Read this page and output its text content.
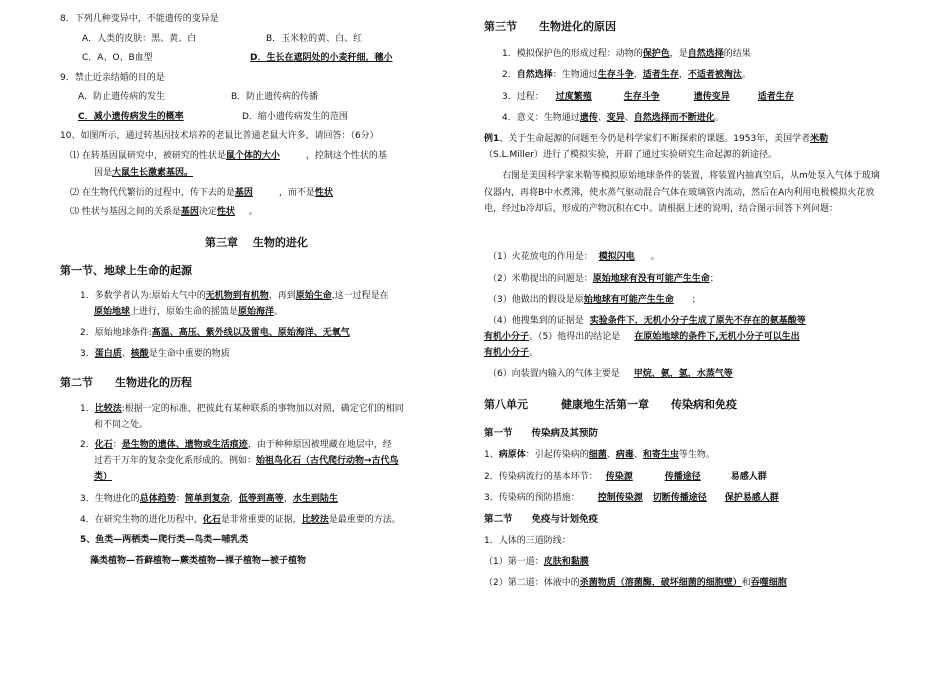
8．下列几种变异中，不能遗传的变异是
A．人类的皮肤：黑、黄、白	B．玉米粒的黄、白、红
C．A、O、B血型	D．生长在遮阴处的小麦秆细，穗小
9．禁止近亲结婚的目的是
A．防止遗传病的发生	B．防止遗传病的传播
C．减小遗传病发生的概率	D．缩小遗传病发生的范围
10、如图所示，通过转基因技术培养的老鼠比普通老鼠大许多，请回答：（6分）
⑴ 在转基因鼠研究中，被研究的性状是鼠个体的大小	，控制这个性状的基
因是大鼠生长激素基因。
⑵ 在生物代代繁衍的过程中，传下去的是基因	，而不是性状
⑶ 性状与基因之间的关系是基因决定性状 。
第三章　 生物的进化
第一节、地球上生命的起源
1．多数学者认为:原始大气中的无机物到有机物，再到原始生命,这一过程是在
原始地球上进行，原始生命的摇篮是原始海洋。
2．原始地球条件:高温、高压、紫外线以及雷电、原始海洋、无氧气
3．蛋白质、核酸是生命中重要的物质
第二节　　生物进化的历程
1．比较法:根据一定的标准，把彼此有某种联系的事物加以对照，确定它们的相同
和不同之处。
2．化石：是生物的遗体、遗物或生活痕迹，由于种种原因被埋藏在地层中，经
过若干万年的复杂变化系形成的。例如：始祖鸟化石（古代爬行动物→古代鸟
类）
3．生物进化的总体趋势：简单到复杂，低等到高等，水生到陆生
4．在研究生物的进化历程中，化石是非常重要的证据，比较法是最重要的方法。
5、鱼类—两栖类—爬行类—鸟类—哺乳类
藻类植物—苔藓植物—蕨类植物—裸子植物—被子植物
第三节　　生物进化的原因
1．模拟保护色的形成过程：动物的保护色，是自然选择的结果
2．自然选择：生物通过生存斗争，适者生存，不适者被淘汰。
3．过程： 过度繁殖	生存斗争	遗传变异	适者生存
4．意义：生物通过遗传、变异、自然选择而不断进化。
例1、关于生命起源的问题至今仍是科学家们不断探索的课题。1953年，美国学者米勒
（S.L.Miller）进行了模拟实验，开辟了通过实验研究生命起源的新途径。
右图是美国科学家米勒等模拟原始地球条件的装置，将装置内抽真空后，从m处泵入气体于玻璃仪器内，再将B中水煮沸，使水蒸气驱动混合气体在玻璃管内流动，然后在A内利用电极模拟火花放电，经过b冷却后，形成的产物沉积在C中。请根据上述的说明，结合图示回答下列问题：
（1）火花放电的作用是： 模拟闪电 。
（2）米勒提出的问题是：原始地球有没有可能产生生命；
（3）他做出的假设是原始地球有可能产生生命 ；
（4）他搜集到的证据是 实验条件下，无机小分子生成了原先不存在的氨基酸等
有机小分子。（5）他得出的结论是 在原始地球的条件下,无机小分子可以生出
有机小分子。
（6）向装置内输入的气体主要是 甲烷，氨，氢，水蒸气等
第八单元　　　健康地生活第一章　　传染病和免疫
第一节　　传染病及其预防
1、病原体：引起传染病的细菌、病毒、和寄生虫等生物。
2．传染病流行的基本环节： 传染源	传播途径	易感人群
3．传染病的预防措施： 控制传染源 切断传播途径 保护易感人群
第二节　　免疫与计划免疫
1．人体的三道防线：
（1）第一道：皮肤和黏膜
（2）第二道：体液中的杀菌物质（溶菌酶，破坏细菌的细胞壁）和吞噬细胞
